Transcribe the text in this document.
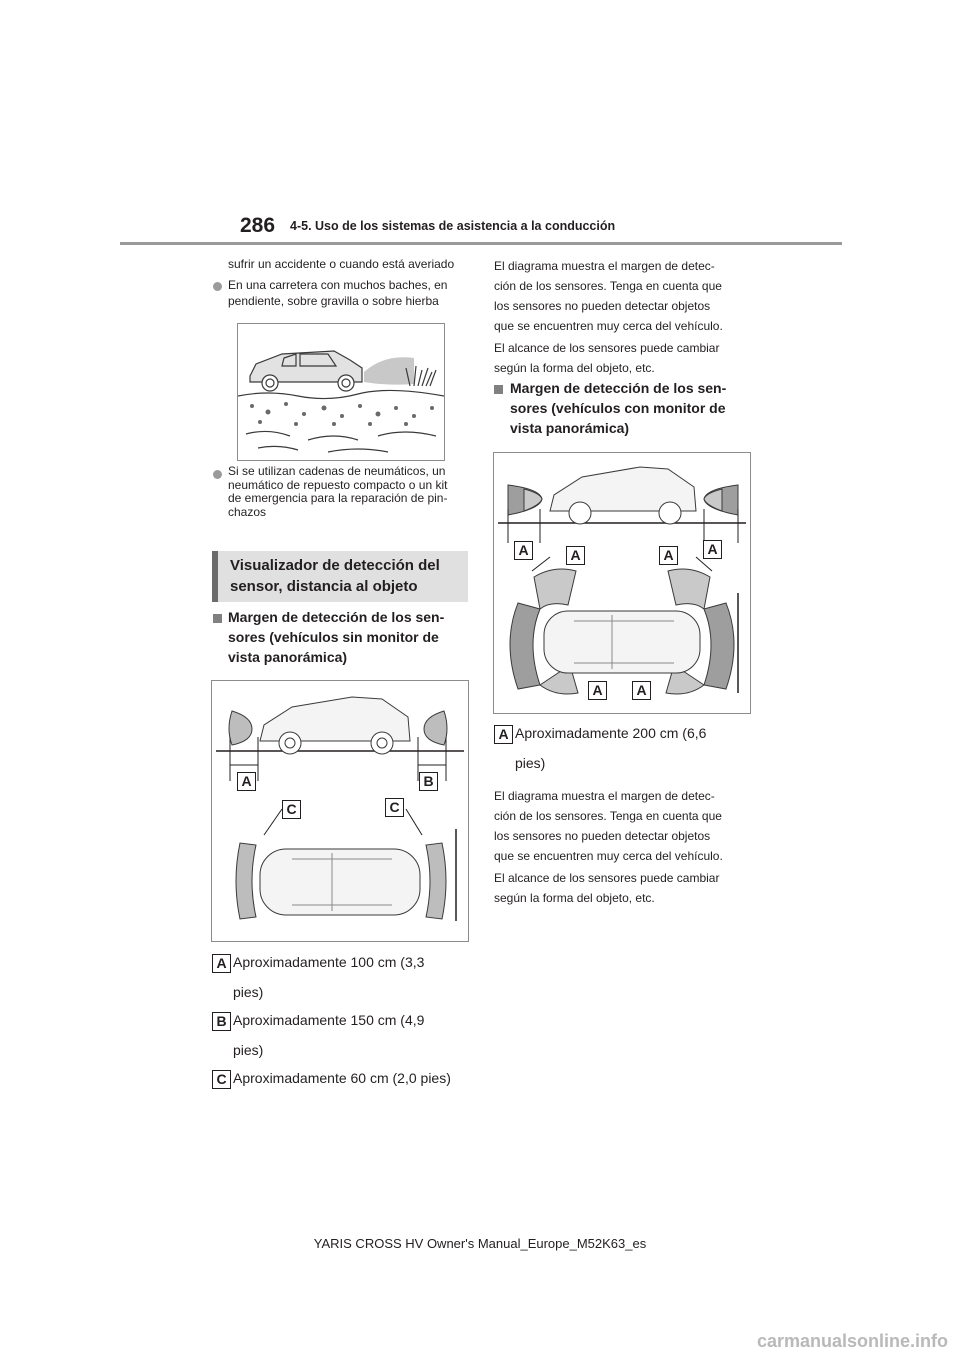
286 4-5. Uso de los sistemas de asistencia a la conducción
sufrir un accidente o cuando está averiado
En una carretera con muchos baches, en
pendiente, sobre gravilla o sobre hierba
Si se utilizan cadenas de neumáticos, un
neumático de repuesto compacto o un kit
de emergencia para la reparación de pin-
chazos
Visualizador de detección del
sensor, distancia al objeto
Margen de detección de los sen-
sores (vehículos sin monitor de
vista panorámica)
A	B
C	C
A Aproximadamente 100 cm (3,3
pies)
B Aproximadamente 150 cm (4,9
pies)
C Aproximadamente 60 cm (2,0 pies)
El diagrama muestra el margen de detec-
ción de los sensores. Tenga en cuenta que
los sensores no pueden detectar objetos
que se encuentren muy cerca del vehículo.
El alcance de los sensores puede cambiar
según la forma del objeto, etc.
Margen de detección de los sen-
sores (vehículos con monitor de
vista panorámica)
A	A	A	A
A	A
A Aproximadamente 200 cm (6,6
pies)
El diagrama muestra el margen de detec-
ción de los sensores. Tenga en cuenta que
los sensores no pueden detectar objetos
que se encuentren muy cerca del vehículo.
El alcance de los sensores puede cambiar
según la forma del objeto, etc.
YARIS CROSS HV Owner's Manual_Europe_M52K63_es
carmanualsonline.info
